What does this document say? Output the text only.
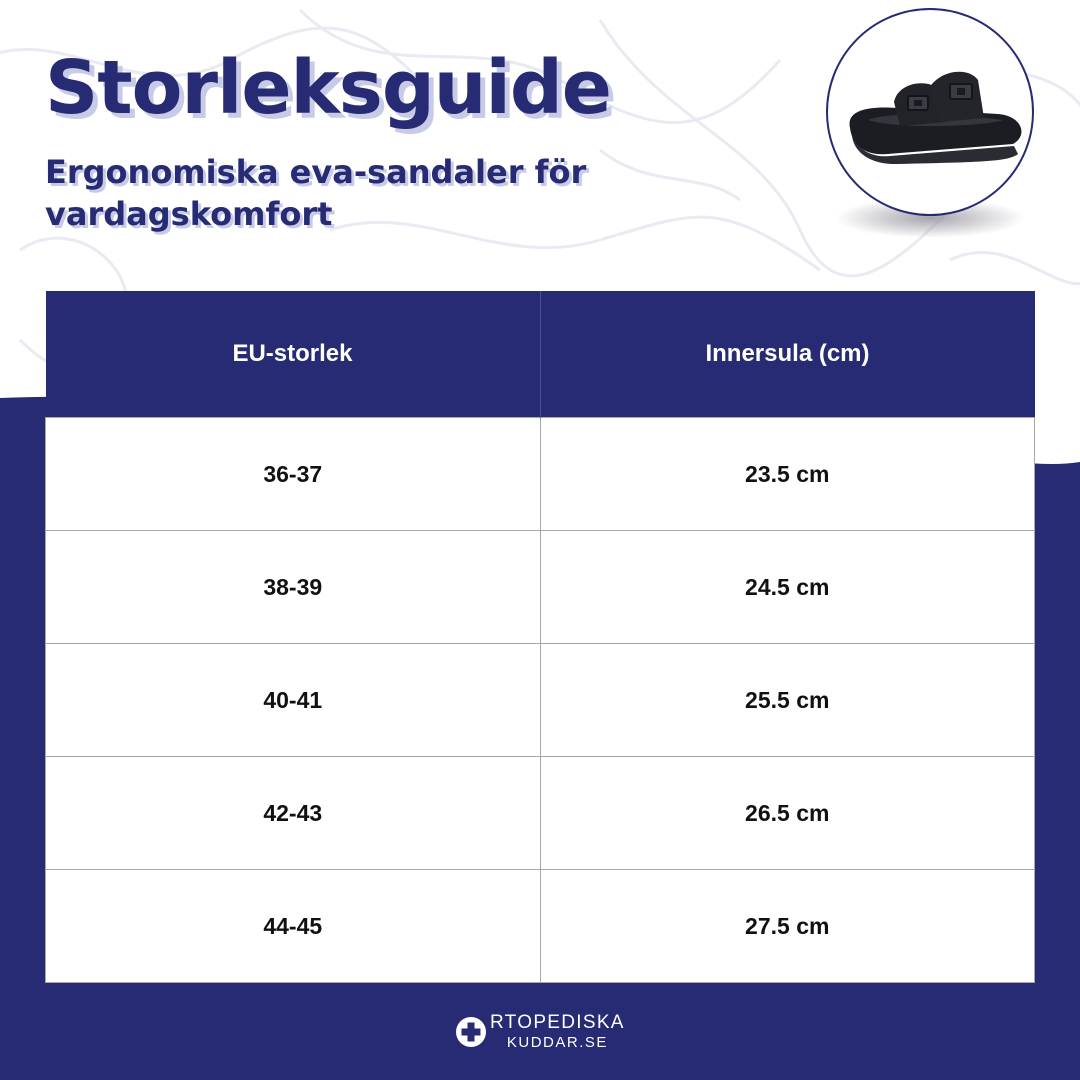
Storleksguide
Ergonomiska eva-sandaler för vardagskomfort
EU-storlek	Innersula (cm)
36-37	23.5 cm
38-39	24.5 cm
40-41	25.5 cm
42-43	26.5 cm
44-45	27.5 cm
RTOPEDISKA
KUDDAR.SE
